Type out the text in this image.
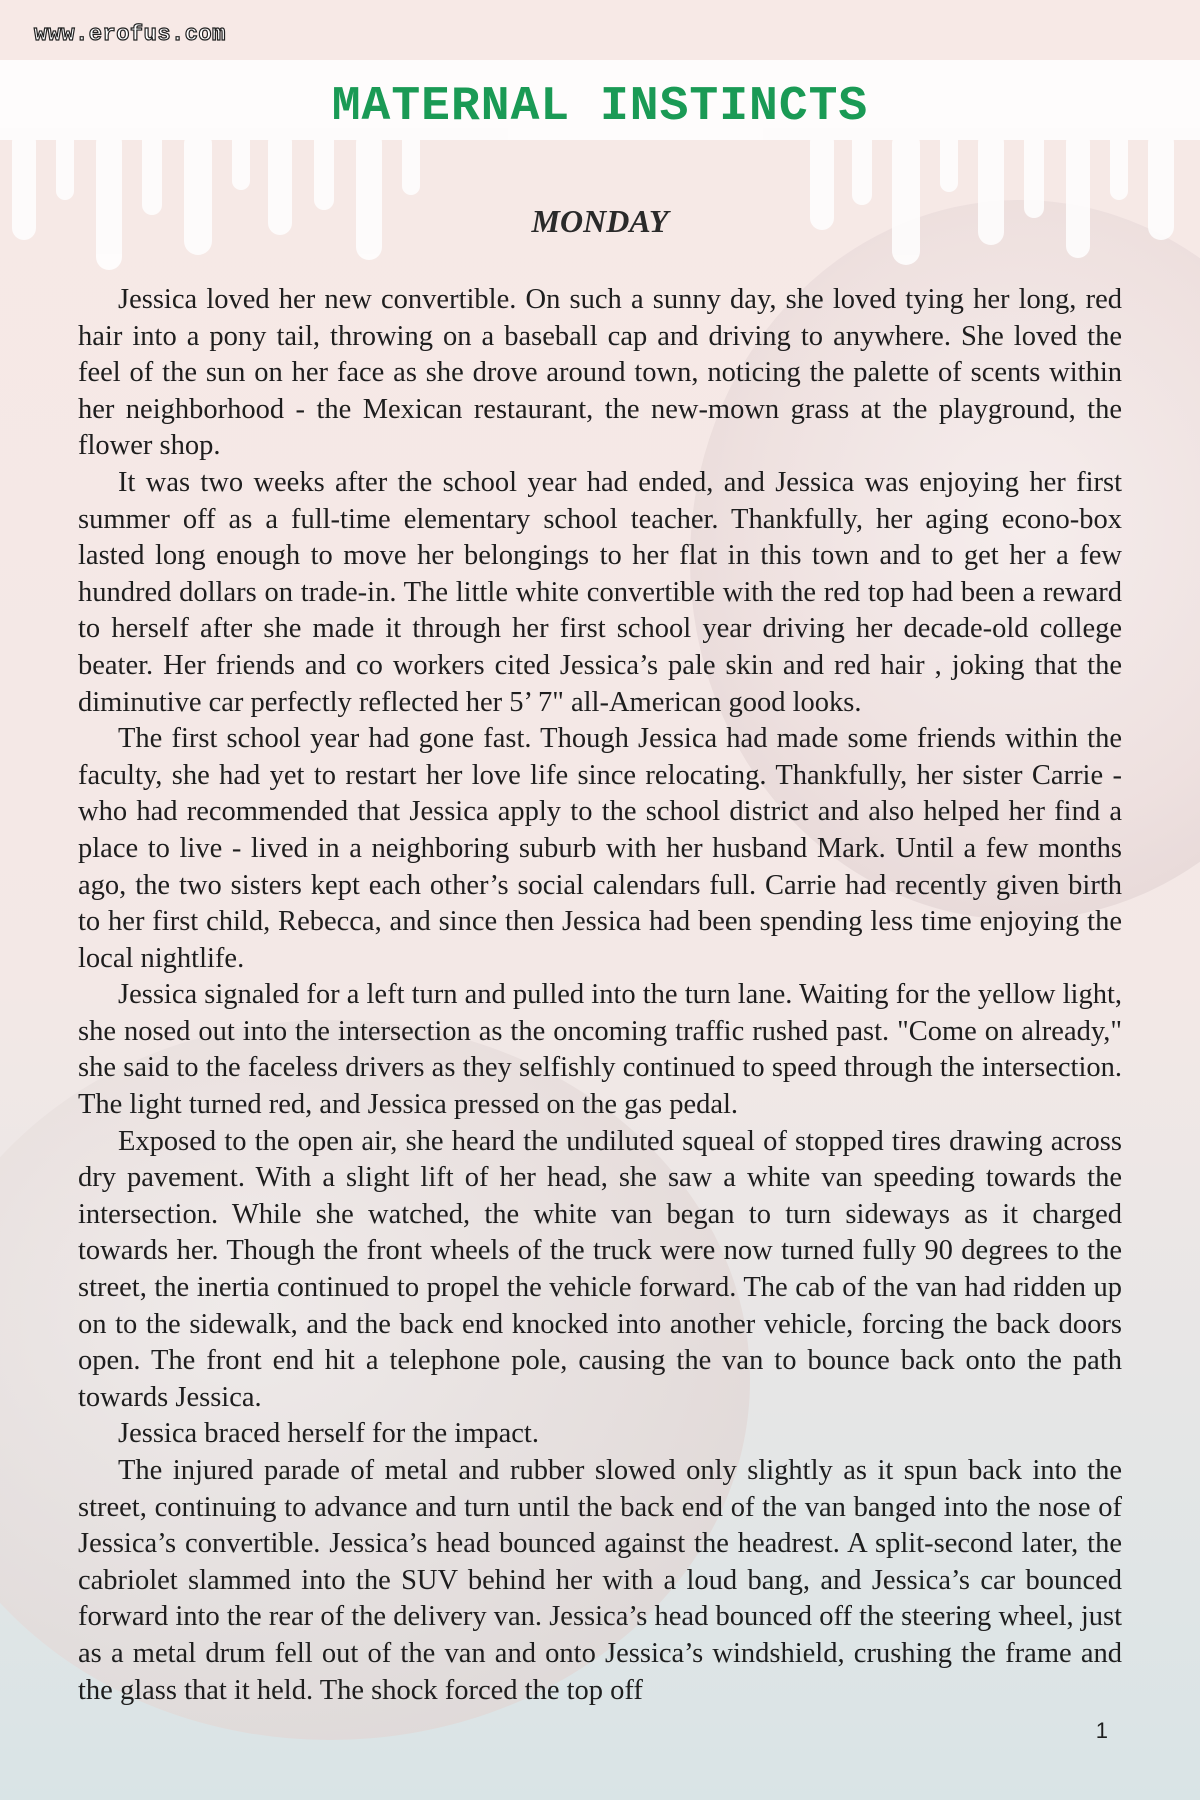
www.erofus.com
MATERNAL INSTINCTS
MONDAY

Jessica loved her new convertible. On such a sunny day, she loved tying her long, red hair into a pony tail, throwing on a baseball cap and driving to anywhere. She loved the feel of the sun on her face as she drove around town, noticing the palette of scents within her neighborhood - the Mexican restaurant, the new-mown grass at the playground, the flower shop.

It was two weeks after the school year had ended, and Jessica was enjoying her first summer off as a full-time elementary school teacher. Thankfully, her aging econo-box lasted long enough to move her belongings to her flat in this town and to get her a few hundred dollars on trade-in. The little white convertible with the red top had been a reward to herself after she made it through her first school year driving her decade-old college beater. Her friends and co workers cited Jessica’s pale skin and red hair , joking that the diminutive car perfectly reflected her 5’ 7" all-American good looks.

The first school year had gone fast. Though Jessica had made some friends within the faculty, she had yet to restart her love life since relocating. Thankfully, her sister Carrie - who had recommended that Jessica apply to the school district and also helped her find a place to live - lived in a neighboring suburb with her husband Mark. Until a few months ago, the two sisters kept each other’s social calendars full. Carrie had recently given birth to her first child, Rebecca, and since then Jessica had been spending less time enjoying the local nightlife.

Jessica signaled for a left turn and pulled into the turn lane. Waiting for the yellow light, she nosed out into the intersection as the oncoming traffic rushed past. "Come on already," she said to the faceless drivers as they selfishly continued to speed through the intersection. The light turned red, and Jessica pressed on the gas pedal.

Exposed to the open air, she heard the undiluted squeal of stopped tires drawing across dry pavement. With a slight lift of her head, she saw a white van speeding towards the intersection. While she watched, the white van began to turn sideways as it charged towards her. Though the front wheels of the truck were now turned fully 90 degrees to the street, the inertia continued to propel the vehicle forward. The cab of the van had ridden up on to the sidewalk, and the back end knocked into another vehicle, forcing the back doors open. The front end hit a telephone pole, causing the van to bounce back onto the path towards Jessica.

Jessica braced herself for the impact.

The injured parade of metal and rubber slowed only slightly as it spun back into the street, continuing to advance and turn until the back end of the van banged into the nose of Jessica’s convertible. Jessica’s head bounced against the headrest. A split-second later, the cabriolet slammed into the SUV behind her with a loud bang, and Jessica’s car bounced forward into the rear of the delivery van. Jessica’s head bounced off the steering wheel, just as a metal drum fell out of the van and onto Jessica’s windshield, crushing the frame and the glass that it held. The shock forced the top off

1
